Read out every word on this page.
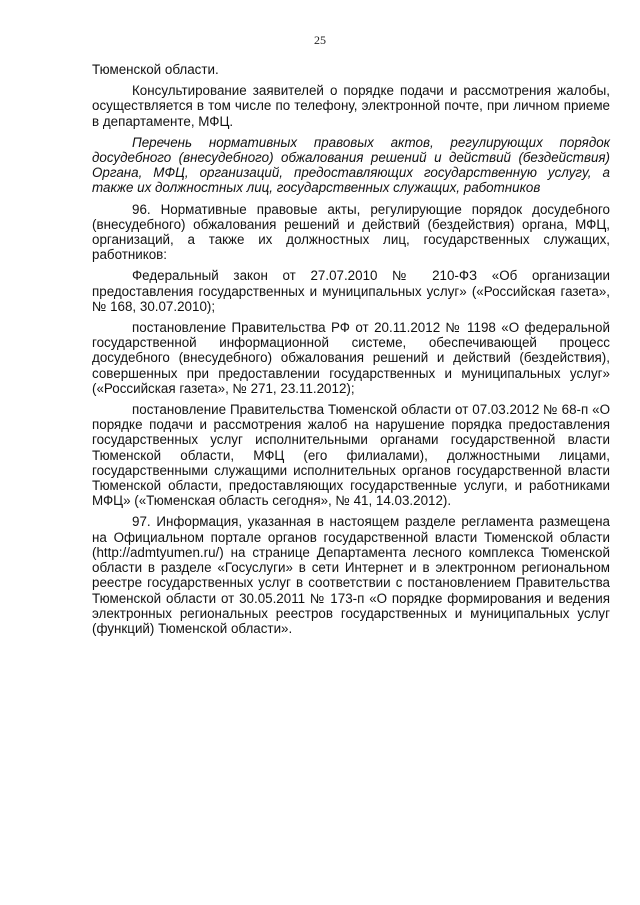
25

Тюменской области.

Консультирование заявителей о порядке подачи и рассмотрения жалобы, осуществляется в том числе по телефону, электронной почте, при личном приеме в департаменте, МФЦ.

Перечень нормативных правовых актов, регулирующих порядок досудебного (внесудебного) обжалования решений и действий (бездействия) Органа, МФЦ, организаций, предоставляющих государственную услугу, а также их должностных лиц, государственных служащих, работников

96. Нормативные правовые акты, регулирующие порядок досудебного (внесудебного) обжалования решений и действий (бездействия) органа, МФЦ, организаций, а также их должностных лиц, государственных служащих, работников:

Федеральный закон от 27.07.2010 № 210-ФЗ «Об организации предоставления государственных и муниципальных услуг» («Российская газета», № 168, 30.07.2010);

постановление Правительства РФ от 20.11.2012 № 1198 «О федеральной государственной информационной системе, обеспечивающей процесс досудебного (внесудебного) обжалования решений и действий (бездействия), совершенных при предоставлении государственных и муниципальных услуг» («Российская газета», № 271, 23.11.2012);

постановление Правительства Тюменской области от 07.03.2012 № 68-п «О порядке подачи и рассмотрения жалоб на нарушение порядка предоставления государственных услуг исполнительными органами государственной власти Тюменской области, МФЦ (его филиалами), должностными лицами, государственными служащими исполнительных органов государственной власти Тюменской области, предоставляющих государственные услуги, и работниками МФЦ» («Тюменская область сегодня», № 41, 14.03.2012).

97. Информация, указанная в настоящем разделе регламента размещена на Официальном портале органов государственной власти Тюменской области (http://admtyumen.ru/) на странице Департамента лесного комплекса Тюменской области в разделе «Госуслуги» в сети Интернет и в электронном региональном реестре государственных услуг в соответствии с постановлением Правительства Тюменской области от 30.05.2011 № 173-п «О порядке формирования и ведения электронных региональных реестров государственных и муниципальных услуг (функций) Тюменской области».
